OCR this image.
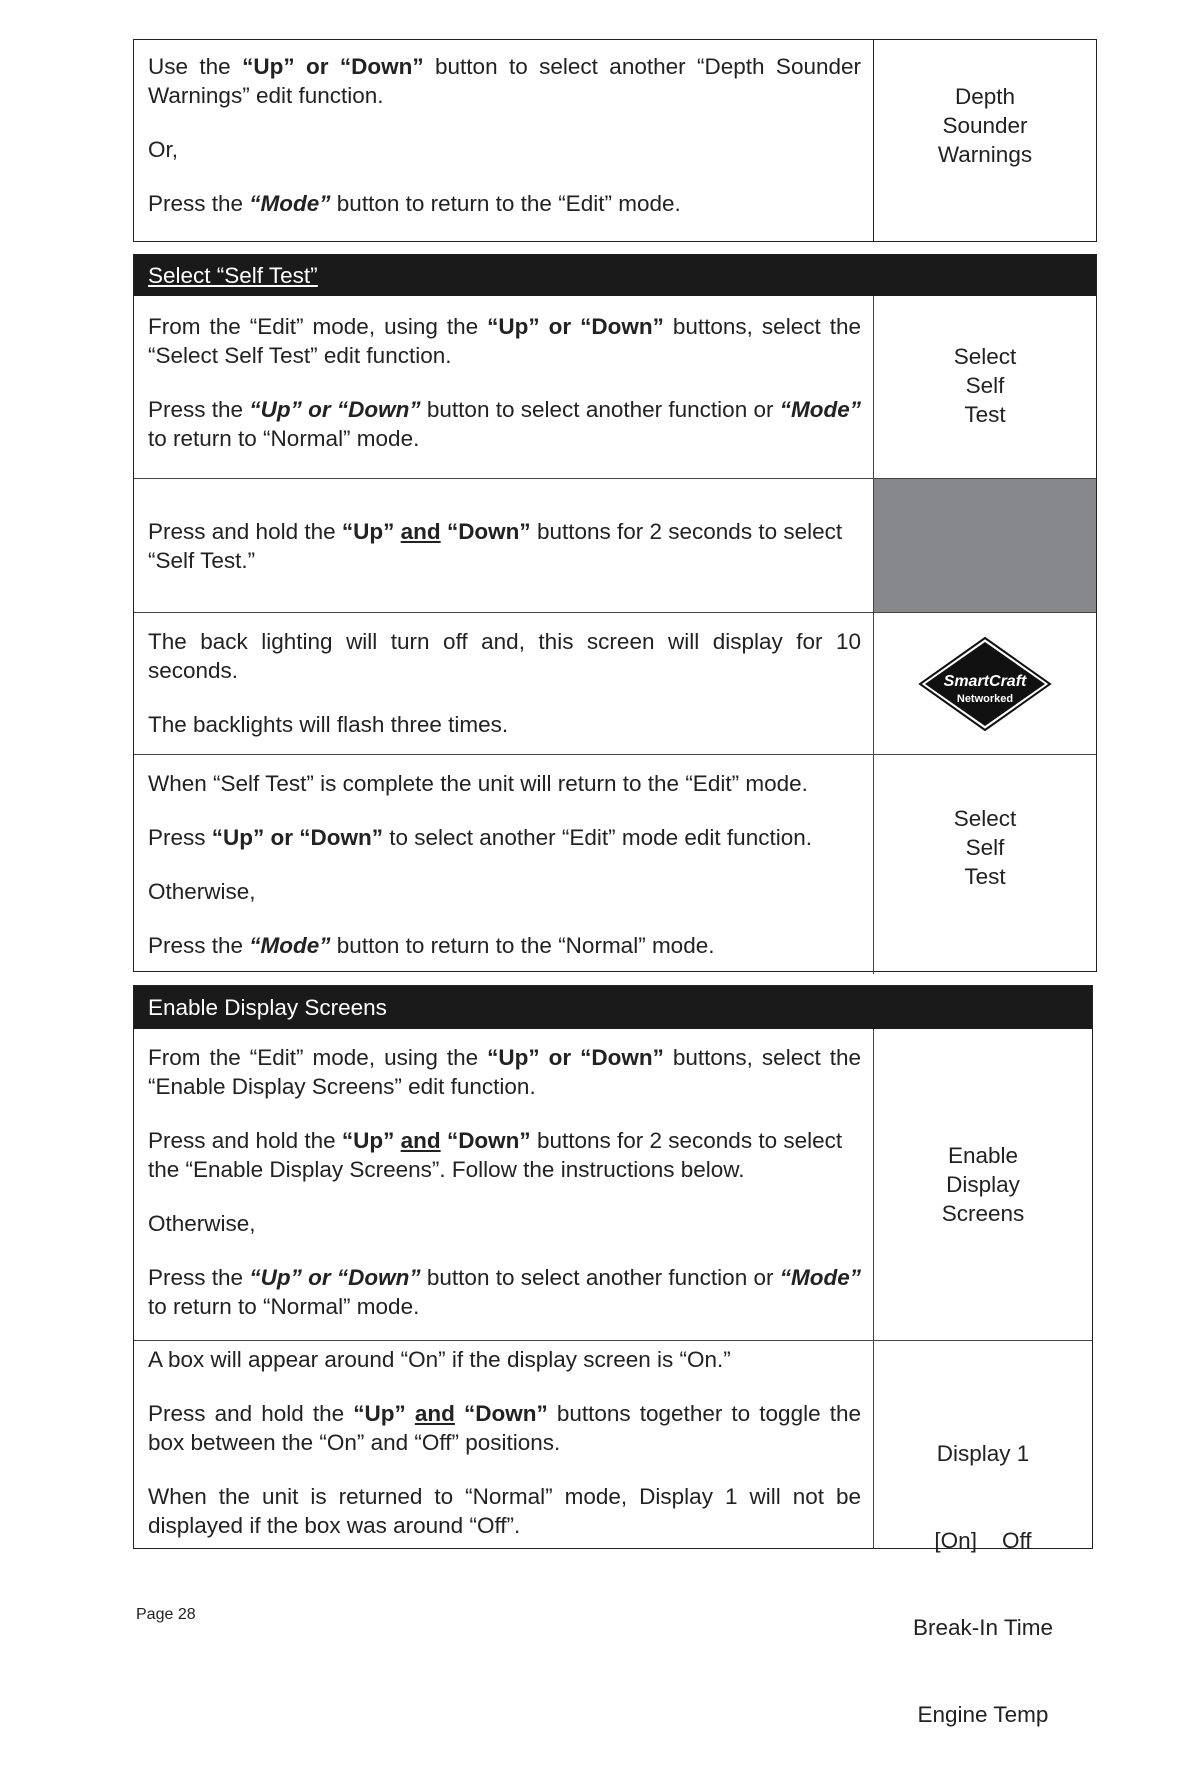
Use the “Up” or “Down” button to select another “Depth Sounder Warnings” edit function.

Or,

Press the “Mode” button to return to the “Edit” mode.

Depth
Sounder
Warnings
Select “Self Test”

From the “Edit” mode, using the “Up” or “Down” buttons, select the “Select Self Test” edit function.

Press the “Up” or “Down” button to select another function or “Mode” to return to “Normal” mode.

Select
Self
Test

Press and hold the “Up” and “Down” buttons for 2 seconds to select “Self Test.”

The back lighting will turn off and, this screen will display for 10 seconds.

The backlights will flash three times.

SmartCraft
Networked

When “Self Test” is complete the unit will return to the “Edit” mode.

Press “Up” or “Down” to select another “Edit” mode edit function.

Otherwise,

Press the “Mode” button to return to the “Normal” mode.

Select
Self
Test
Enable Display Screens

From the “Edit” mode, using the “Up” or “Down” buttons, select the “Enable Display Screens” edit function.

Press and hold the “Up” and “Down” buttons for 2 seconds to select the “Enable Display Screens”. Follow the instructions below.

Otherwise,

Press the “Up” or “Down” button to select another function or “Mode” to return to “Normal” mode.

Enable
Display
Screens

A box will appear around “On” if the display screen is “On.”

Press and hold the “Up” and “Down” buttons together to toggle the box between the “On” and “Off” positions.

When the unit is returned to “Normal” mode, Display 1 will not be displayed if the box was around “Off”.

Display 1

[On]    Off

Break-In Time

Engine Temp

Page 28
